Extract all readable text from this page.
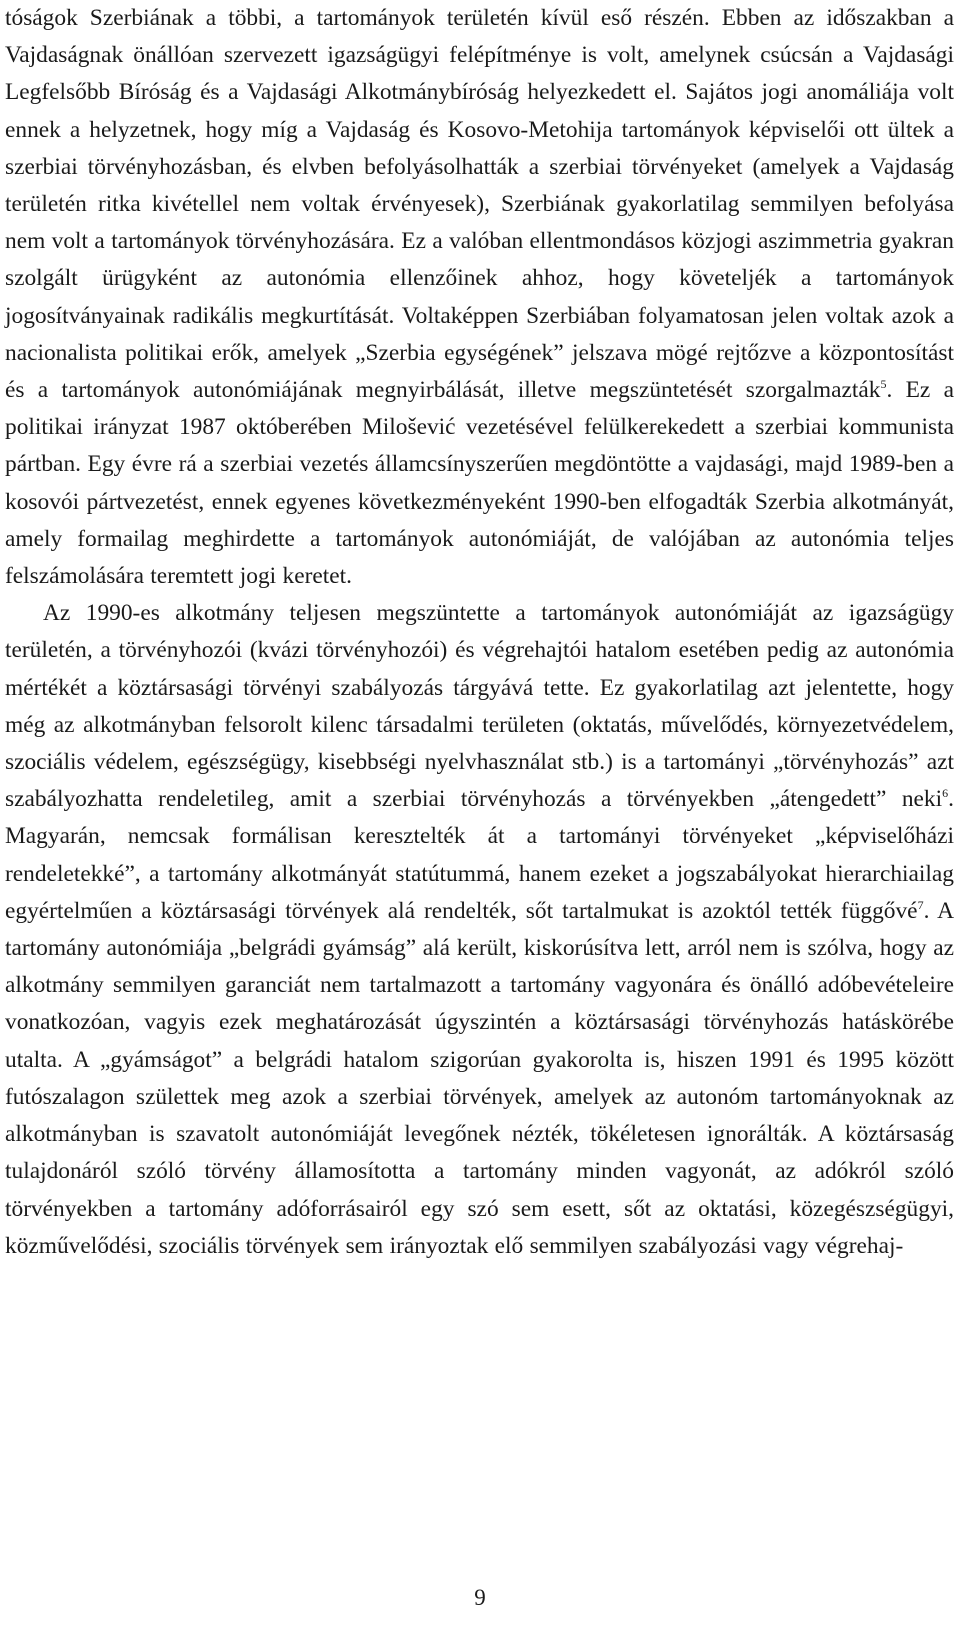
tóságok Szerbiának a többi, a tartományok területén kívül eső részén. Ebben az időszakban a Vajdaságnak önállóan szervezett igazságügyi felépítménye is volt, amelynek csúcsán a Vajdasági Legfelsőbb Bíróság és a Vajdasági Alkotmánybíróság helyezkedett el. Sajátos jogi anomáliája volt ennek a helyzetnek, hogy míg a Vajdaság és Kosovo-Metohija tartományok képviselői ott ültek a szerbiai törvényhozásban, és elvben befolyásolhatták a szerbiai törvényeket (amelyek a Vajdaság területén ritka kivétellel nem voltak érvényesek), Szerbiának gyakorlatilag semmilyen befolyása nem volt a tartományok törvényhozására. Ez a valóban ellentmondásos közjogi aszimmetria gyakran szolgált ürügyként az autonómia ellenzőinek ahhoz, hogy követeljék a tartományok jogosítványainak radikális megkurtítását. Voltaképpen Szerbiában folyamatosan jelen voltak azok a nacionalista politikai erők, amelyek „Szerbia egységének” jelszava mögé rejtőzve a központosítást és a tartományok autonómiájának megnyirbálását, illetve megszüntetését szorgalmazták$^5$. Ez a politikai irányzat 1987 októberében Milošević vezetésével felülkerekedett a szerbiai kommunista pártban. Egy évre rá a szerbiai vezetés államcsínyszerűen megdöntötte a vajdasági, majd 1989-ben a kosovói pártvezetést, ennek egyenes következményeként 1990-ben elfogadták Szerbia alkotmányát, amely formailag meghirdette a tartományok autonómiáját, de valójában az autonómia teljes felszámolására teremtett jogi keretet.

Az 1990-es alkotmány teljesen megszüntette a tartományok autonómiáját az igazságügy területén, a törvényhozói (kvázi törvényhozói) és végrehajtói hatalom esetében pedig az autonómia mértékét a köztársasági törvényi szabályozás tárgyává tette. Ez gyakorlatilag azt jelentette, hogy még az alkotmányban felsorolt kilenc társadalmi területen (oktatás, művelődés, környezetvédelem, szociális védelem, egészségügy, kisebbségi nyelvhasználat stb.) is a tartományi „törvényhozás” azt szabályozhatta rendeletileg, amit a szerbiai törvényhozás a törvényekben „átengedett” neki$^6$. Magyarán, nemcsak formálisan keresztelték át a tartományi törvényeket „képviselőházi rendeletekké”, a tartomány alkotmányát statútummá, hanem ezeket a jogszabályokat hierarchiailag egyértelműen a köztársasági törvények alá rendelték, sőt tartalmukat is azoktól tették függővé$^7$. A tartomány autonómiája „belgrádi gyámság” alá került, kiskorúsítva lett, arról nem is szólva, hogy az alkotmány semmilyen garanciát nem tartalmazott a tartomány vagyonára és önálló adóbevételeire vonatkozóan, vagyis ezek meghatározását úgyszintén a köztársasági törvényhozás hatáskörébe utalta. A „gyámságot” a belgrádi hatalom szigorúan gyakorolta is, hiszen 1991 és 1995 között futószalagon születtek meg azok a szerbiai törvények, amelyek az autonóm tartományoknak az alkotmányban is szavatolt autonómiáját levegőnek nézték, tökéletesen ignorálták. A köztársaság tulajdonáról szóló törvény államosította a tartomány minden vagyonát, az adókról szóló törvényekben a tartomány adóforrásairól egy szó sem esett, sőt az oktatási, közegészségügyi, közművelődési, szociális törvények sem irányoztak elő semmilyen szabályozási vagy végrehaj-

9
